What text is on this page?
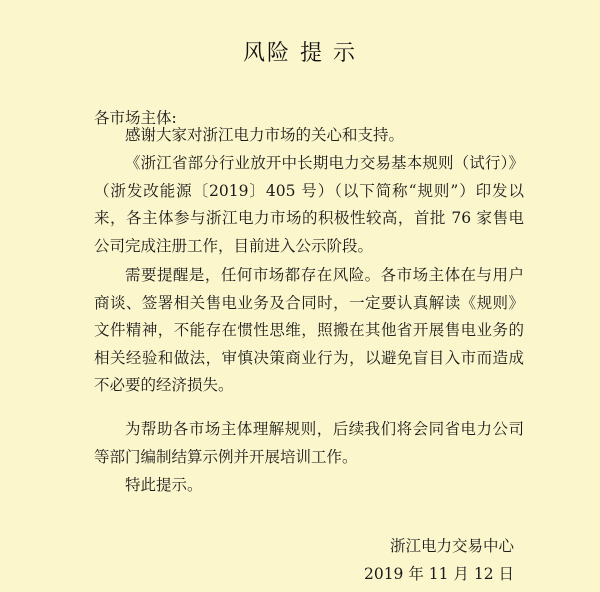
风险 提 示
各市场主体:

感谢大家对浙江电力市场的关心和支持。

《浙江省部分行业放开中长期电力交易基本规则（试行）》（浙发改能源〔2019〕405 号）（以下简称“规则”）印发以来，各主体参与浙江电力市场的积极性较高，首批 76 家售电公司完成注册工作，目前进入公示阶段。

需要提醒是，任何市场都存在风险。各市场主体在与用户商谈、签署相关售电业务及合同时，一定要认真解读《规则》文件精神，不能存在惯性思维，照搬在其他省开展售电业务的相关经验和做法，审慎决策商业行为，以避免盲目入市而造成不必要的经济损失。

为帮助各市场主体理解规则，后续我们将会同省电力公司等部门编制结算示例并开展培训工作。

特此提示。

浙江电力交易中心
2019 年 11 月 12 日
